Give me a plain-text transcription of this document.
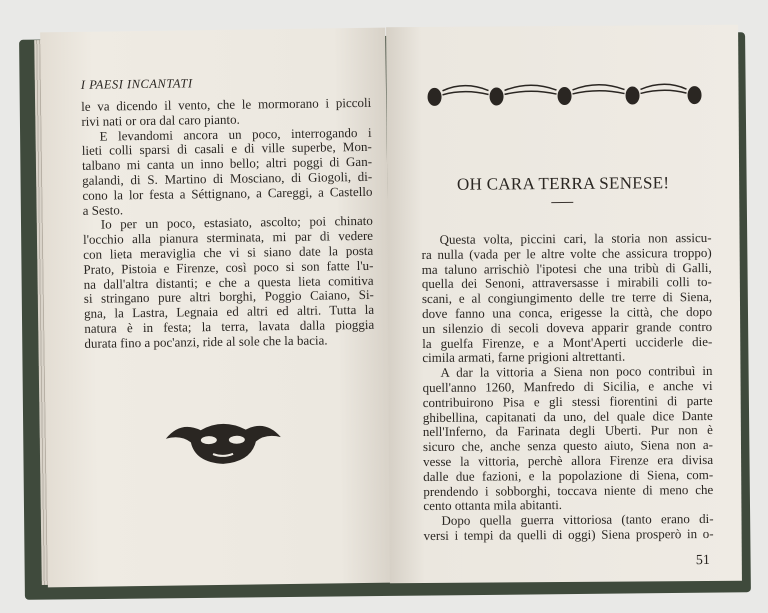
I PAESI INCANTATI
le va dicendo il vento, che le mormorano i piccoli
rivi nati or ora dal caro pianto.
E levandomi ancora un poco, interrogando i
lieti colli sparsi di casali e di ville superbe, Mon-
talbano mi canta un inno bello; altri poggi di Gan-
galandi, di S. Martino di Mosciano, di Giogoli, di-
cono la lor festa a Séttignano, a Careggi, a Castello
a Sesto.
Io per un poco, estasiato, ascolto; poi chinato
l'occhio alla pianura sterminata, mi par di vedere
con lieta meraviglia che vi si siano date la posta
Prato, Pistoia e Firenze, così poco si son fatte l'u-
na dall'altra distanti; e che a questa lieta comitiva
si stringano pure altri borghi, Poggio Caiano, Si-
gna, la Lastra, Legnaia ed altri ed altri. Tutta la
natura è in festa; la terra, lavata dalla pioggia
durata fino a poc'anzi, ride al sole che la bacia.
OH CARA TERRA SENESE!
Questa volta, piccini cari, la storia non assicu-
ra nulla (vada per le altre volte che assicura troppo)
ma taluno arrischiò l'ipotesi che una tribù di Galli,
quella dei Senoni, attraversasse i mirabili colli to-
scani, e al congiungimento delle tre terre di Siena,
dove fanno una conca, erigesse la città, che dopo
un silenzio di secoli doveva apparir grande contro
la guelfa Firenze, e a Mont'Aperti ucciderle die-
cimila armati, farne prigioni altrettanti.
A dar la vittoria a Siena non poco contribuì in
quell'anno 1260, Manfredo di Sicilia, e anche vi
contribuirono Pisa e gli stessi fiorentini di parte
ghibellina, capitanati da uno, del quale dice Dante
nell'Inferno, da Farinata degli Uberti. Pur non è
sicuro che, anche senza questo aiuto, Siena non a-
vesse la vittoria, perchè allora Firenze era divisa
dalle due fazioni, e la popolazione di Siena, com-
prendendo i sobborghi, toccava niente di meno che
cento ottanta mila abitanti.
Dopo quella guerra vittoriosa (tanto erano di-
versi i tempi da quelli di oggi) Siena prosperò in o-
51
